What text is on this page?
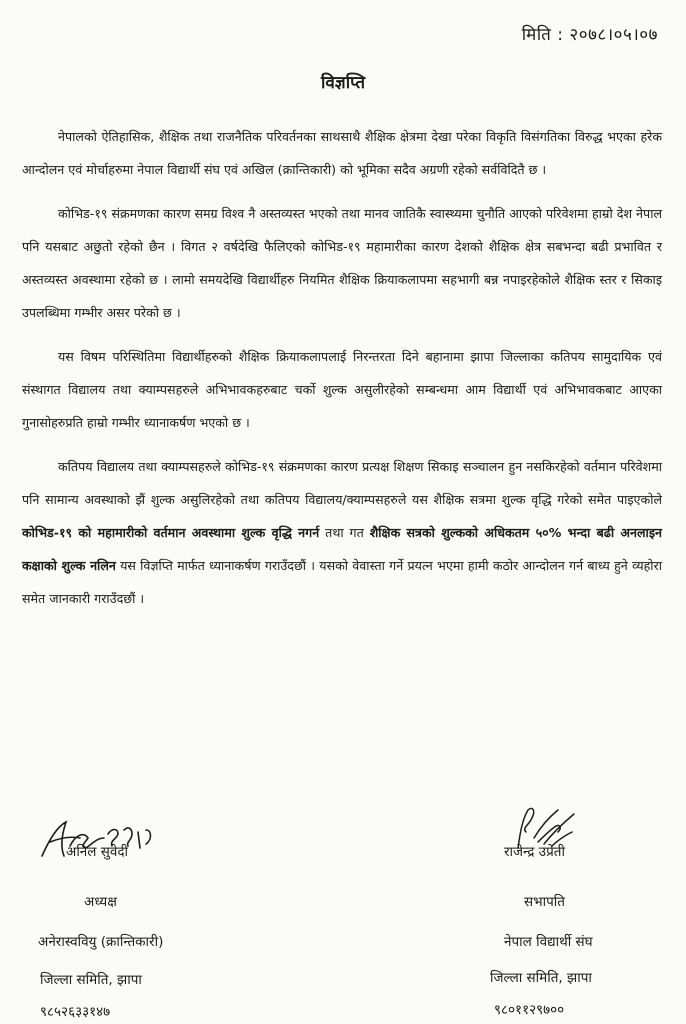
मिति : २०७८।०५।०७
विज्ञप्ति

नेपालको ऐतिहासिक, शैक्षिक तथा राजनैतिक परिवर्तनका साथसाथै शैक्षिक क्षेत्रमा देखा परेका विकृति विसंगतिका विरुद्ध भएका हरेक आन्दोलन एवं मोर्चाहरुमा नेपाल विद्यार्थी संघ एवं अखिल (क्रान्तिकारी) को भूमिका सदैव अग्रणी रहेको सर्वविदितै छ ।

कोभिड-१९ संक्रमणका कारण समग्र विश्व नै अस्तव्यस्त भएको तथा मानव जातिकै स्वास्थ्यमा चुनौति आएको परिवेशमा हाम्रो देश नेपाल पनि यसबाट अछुतो रहेको छैन । विगत २ वर्षदेखि फैलिएको कोभिड-१९ महामारीका कारण देशको शैक्षिक क्षेत्र सबभन्दा बढी प्रभावित र अस्तव्यस्त अवस्थामा रहेको छ । लामो समयदेखि विद्यार्थीहरु नियमित शैक्षिक क्रियाकलापमा सहभागी बन्न नपाइरहेकोले शैक्षिक स्तर र सिकाइ उपलब्धिमा गम्भीर असर परेको छ ।

यस विषम परिस्थितिमा विद्यार्थीहरुको शैक्षिक क्रियाकलापलाई निरन्तरता दिने बहानामा झापा जिल्लाका कतिपय सामुदायिक एवं संस्थागत विद्यालय तथा क्याम्पसहरुले अभिभावकहरुबाट चर्को शुल्क असुलीरहेको सम्बन्धमा आम विद्यार्थी एवं अभिभावकबाट आएका गुनासोहरुप्रति हाम्रो गम्भीर ध्यानाकर्षण भएको छ ।

कतिपय विद्यालय तथा क्याम्पसहरुले कोभिड-१९ संक्रमणका कारण प्रत्यक्ष शिक्षण सिकाइ सञ्चालन हुन नसकिरहेको वर्तमान परिवेशमा पनि सामान्य अवस्थाको झैं शुल्क असुलिरहेको तथा कतिपय विद्यालय/क्याम्पसहरुले यस शैक्षिक सत्रमा शुल्क वृद्धि गरेको समेत पाइएकोले कोभिड-१९ को महामारीको वर्तमान अवस्थामा शुल्क वृद्धि नगर्न तथा गत शैक्षिक सत्रको शुल्कको अधिकतम ५०% भन्दा बढी अनलाइन कक्षाको शुल्क नलिन यस विज्ञप्ति मार्फत ध्यानाकर्षण गराउँदछौं । यसको वेवास्ता गर्ने प्रयत्न भएमा हामी कठोर आन्दोलन गर्न बाध्य हुने व्यहोरा समेत जानकारी गराउँदछौं ।

अनिल सुवेदी
अध्यक्ष
अनेरास्ववियु (क्रान्तिकारी)
जिल्ला समिति, झापा
९८५२६३३१४७
राजेन्द्र उप्रेती
सभापति
नेपाल विद्यार्थी संघ
जिल्ला समिति, झापा
९८०११२९७००
